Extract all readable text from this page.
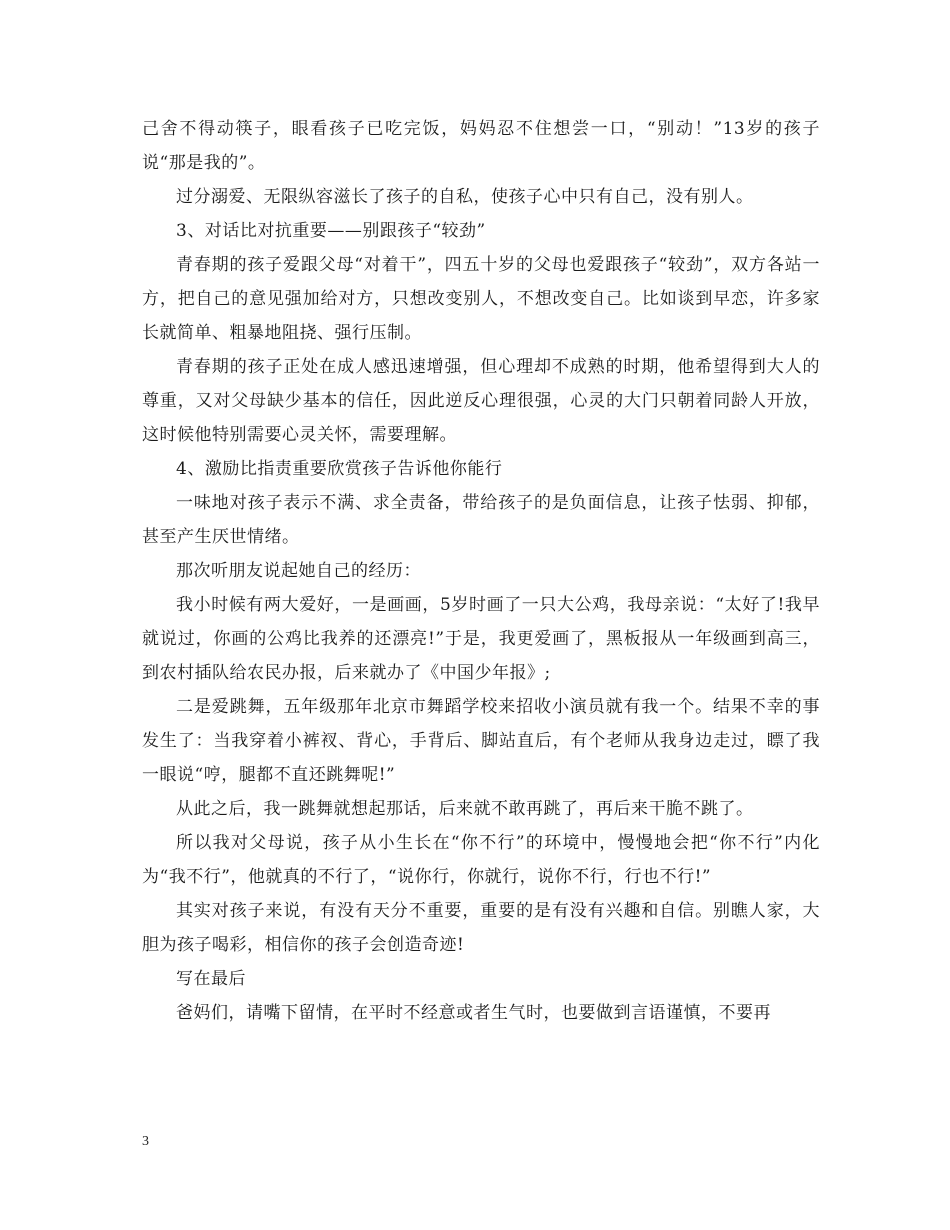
己舍不得动筷子，眼看孩子已吃完饭，妈妈忍不住想尝一口，“别动！”13岁的孩子说“那是我的”。

过分溺爱、无限纵容滋长了孩子的自私，使孩子心中只有自己，没有别人。

3、对话比对抗重要——别跟孩子“较劲”

青春期的孩子爱跟父母“对着干”，四五十岁的父母也爱跟孩子“较劲”，双方各站一方，把自己的意见强加给对方，只想改变别人，不想改变自己。比如谈到早恋，许多家长就简单、粗暴地阻挠、强行压制。

青春期的孩子正处在成人感迅速增强，但心理却不成熟的时期，他希望得到大人的尊重，又对父母缺少基本的信任，因此逆反心理很强，心灵的大门只朝着同龄人开放，这时候他特别需要心灵关怀，需要理解。

4、激励比指责重要欣赏孩子告诉他你能行

一味地对孩子表示不满、求全责备，带给孩子的是负面信息，让孩子怯弱、抑郁，甚至产生厌世情绪。

那次听朋友说起她自己的经历：

我小时候有两大爱好，一是画画，5岁时画了一只大公鸡，我母亲说：“太好了!我早就说过，你画的公鸡比我养的还漂亮!”于是，我更爱画了，黑板报从一年级画到高三，到农村插队给农民办报，后来就办了《中国少年报》;

二是爱跳舞，五年级那年北京市舞蹈学校来招收小演员就有我一个。结果不幸的事发生了：当我穿着小裤衩、背心，手背后、脚站直后，有个老师从我身边走过，瞟了我一眼说“哼，腿都不直还跳舞呢!”

从此之后，我一跳舞就想起那话，后来就不敢再跳了，再后来干脆不跳了。

所以我对父母说，孩子从小生长在“你不行”的环境中，慢慢地会把“你不行”内化为“我不行”，他就真的不行了，“说你行，你就行，说你不行，行也不行!”

其实对孩子来说，有没有天分不重要，重要的是有没有兴趣和自信。别瞧人家，大胆为孩子喝彩，相信你的孩子会创造奇迹!

写在最后

爸妈们，请嘴下留情，在平时不经意或者生气时，也要做到言语谨慎，不要再

3
